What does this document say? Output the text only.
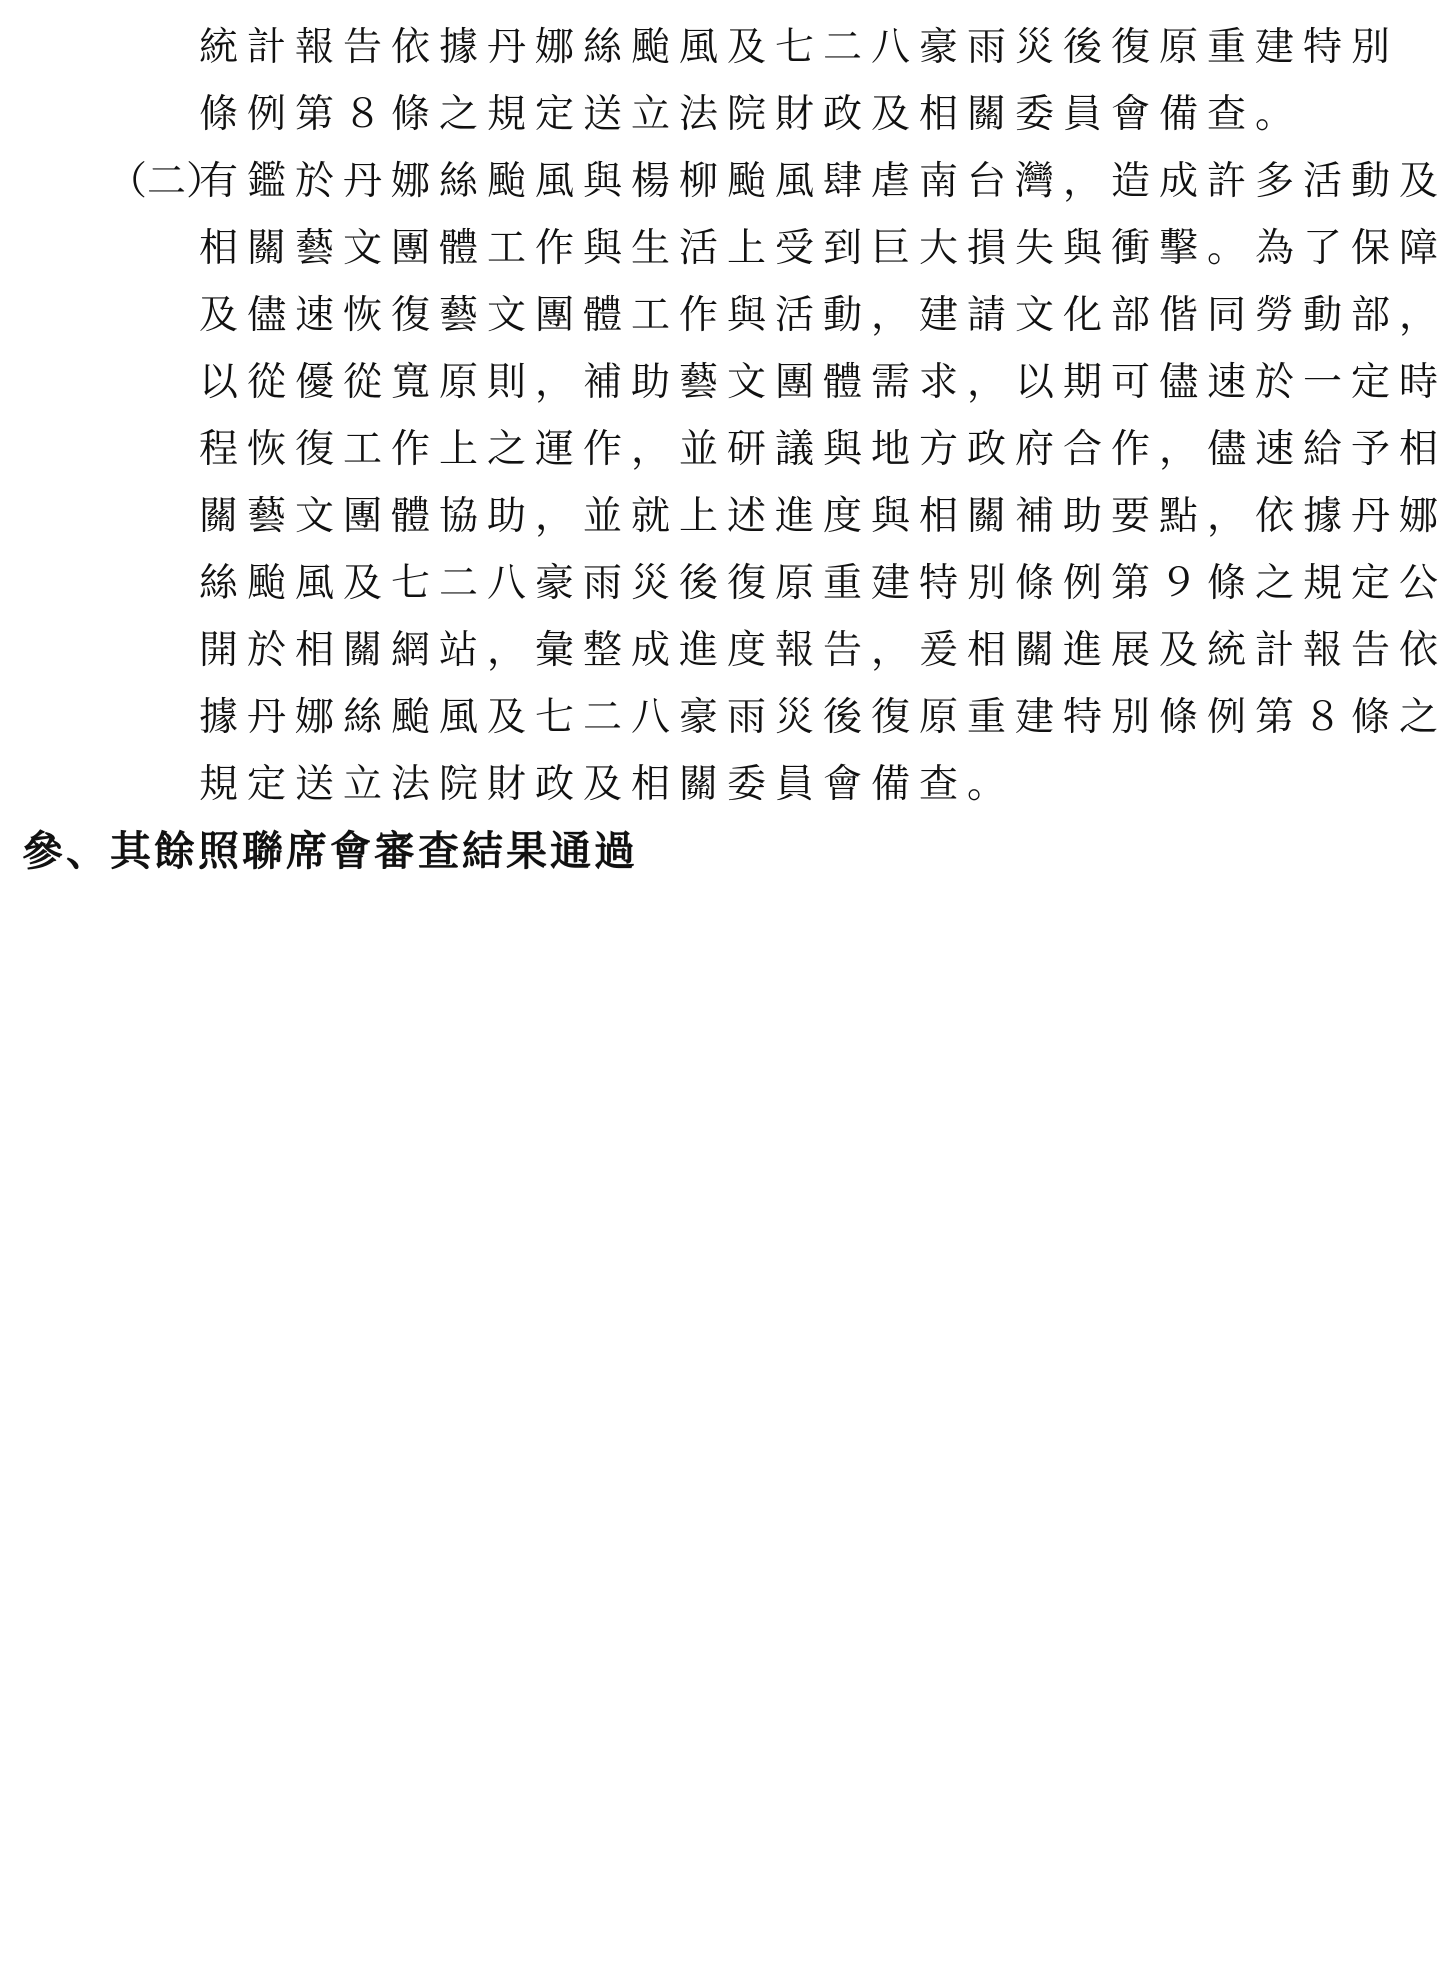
統計報告依據丹娜絲颱風及七二八豪雨災後復原重建特別
條例第８條之規定送立法院財政及相關委員會備查。
（二）
有鑑於丹娜絲颱風與楊柳颱風肆虐南台灣，造成許多活動及
相關藝文團體工作與生活上受到巨大損失與衝擊。為了保障
及儘速恢復藝文團體工作與活動，建請文化部偕同勞動部，
以從優從寬原則，補助藝文團體需求，以期可儘速於一定時
程恢復工作上之運作，並研議與地方政府合作，儘速給予相
關藝文團體協助，並就上述進度與相關補助要點，依據丹娜
絲颱風及七二八豪雨災後復原重建特別條例第９條之規定公
開於相關網站，彙整成進度報告，爰相關進展及統計報告依
據丹娜絲颱風及七二八豪雨災後復原重建特別條例第８條之
規定送立法院財政及相關委員會備查。
參、其餘照聯席會審查結果通過
